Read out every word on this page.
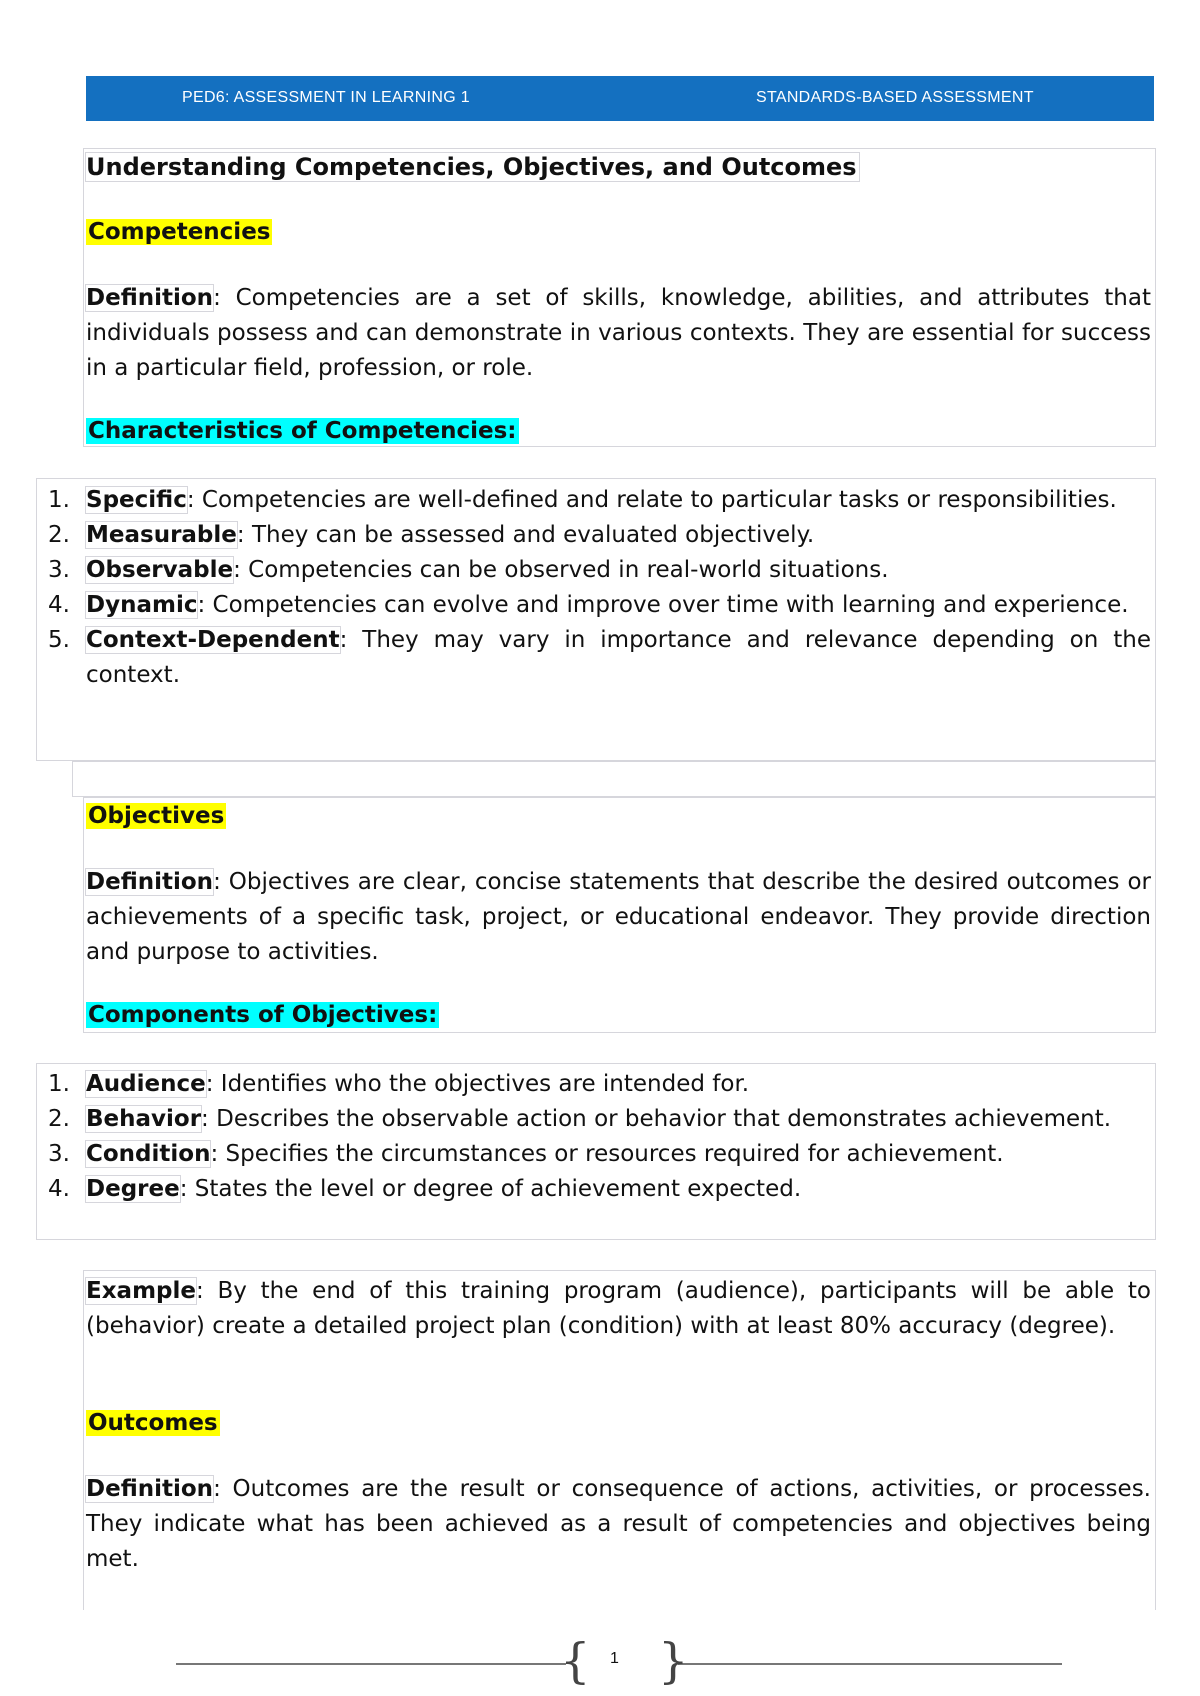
PED6: ASSESSMENT IN LEARNING 1	STANDARDS-BASED ASSESSMENT
Understanding Competencies, Objectives, and Outcomes
Competencies
Definition: Competencies are a set of skills, knowledge, abilities, and attributes that individuals possess and can demonstrate in various contexts. They are essential for success in a particular field, profession, or role.
Characteristics of Competencies:
1. Specific: Competencies are well-defined and relate to particular tasks or responsibilities.
2. Measurable: They can be assessed and evaluated objectively.
3. Observable: Competencies can be observed in real-world situations.
4. Dynamic: Competencies can evolve and improve over time with learning and experience.
5. Context-Dependent: They may vary in importance and relevance depending on the context.
Objectives
Definition: Objectives are clear, concise statements that describe the desired outcomes or achievements of a specific task, project, or educational endeavor. They provide direction and purpose to activities.
Components of Objectives:
1. Audience: Identifies who the objectives are intended for.
2. Behavior: Describes the observable action or behavior that demonstrates achievement.
3. Condition: Specifies the circumstances or resources required for achievement.
4. Degree: States the level or degree of achievement expected.
Example: By the end of this training program (audience), participants will be able to (behavior) create a detailed project plan (condition) with at least 80% accuracy (degree).
Outcomes
Definition: Outcomes are the result or consequence of actions, activities, or processes. They indicate what has been achieved as a result of competencies and objectives being met.
{ }
1
